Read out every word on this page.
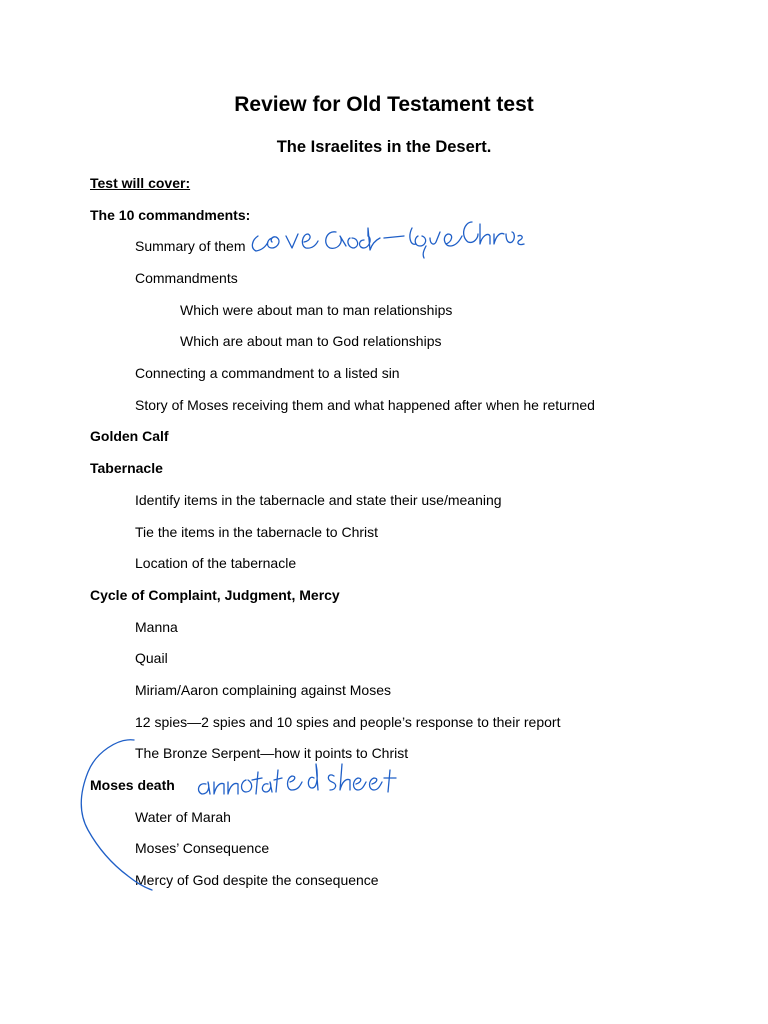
Review for Old Testament test
The Israelites in the Desert.
Test will cover:
The 10 commandments:
Summary of them
Commandments
Which were about man to man relationships
Which are about man to God relationships
Connecting a commandment to a listed sin
Story of Moses receiving them and what happened after when he returned
Golden Calf
Tabernacle
Identify items in the tabernacle and state their use/meaning
Tie the items in the tabernacle to Christ
Location of the tabernacle
Cycle of Complaint, Judgment, Mercy
Manna
Quail
Miriam/Aaron complaining against Moses
12 spies—2 spies and 10 spies and people’s response to their report
The Bronze Serpent—how it points to Christ
Moses death
Water of Marah
Moses’ Consequence
Mercy of God despite the consequence
